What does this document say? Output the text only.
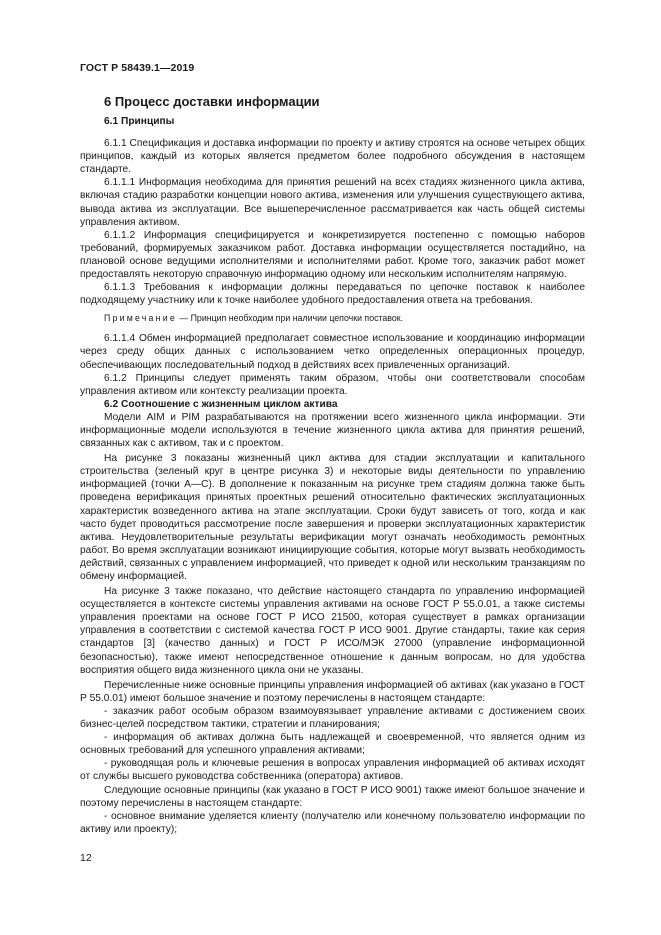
ГОСТ Р 58439.1—2019
6 Процесс доставки информации
6.1 Принципы

6.1.1 Спецификация и доставка информации по проекту и активу строятся на основе четырех общих принципов, каждый из которых является предметом более подробного обсуждения в настоящем стандарте.

6.1.1.1 Информация необходима для принятия решений на всех стадиях жизненного цикла актива, включая стадию разработки концепции нового актива, изменения или улучшения существующего актива, вывода актива из эксплуатации. Все вышеперечисленное рассматривается как часть общей системы управления активом.

6.1.1.2 Информация специфицируется и конкретизируется постепенно с помощью наборов требований, формируемых заказчиком работ. Доставка информации осуществляется постадийно, на плановой основе ведущими исполнителями и исполнителями работ. Кроме того, заказчик работ может предоставлять некоторую справочную информацию одному или нескольким исполнителям напрямую.

6.1.1.3 Требования к информации должны передаваться по цепочке поставок к наиболее подходящему участнику или к точке наиболее удобного предоставления ответа на требования.

Примечание — Принцип необходим при наличии цепочки поставок.

6.1.1.4 Обмен информацией предполагает совместное использование и координацию информации через среду общих данных с использованием четко определенных операционных процедур, обеспечивающих последовательный подход в действиях всех привлеченных организаций.

6.1.2 Принципы следует применять таким образом, чтобы они соответствовали способам управления активом или контексту реализации проекта.

6.2 Соотношение с жизненным циклом актива

Модели AIM и PIM разрабатываются на протяжении всего жизненного цикла информации. Эти информационные модели используются в течение жизненного цикла актива для принятия решений, связанных как с активом, так и с проектом.

На рисунке 3 показаны жизненный цикл актива для стадии эксплуатации и капитального строительства (зеленый круг в центре рисунка 3) и некоторые виды деятельности по управлению информацией (точки A—C). В дополнение к показанным на рисунке трем стадиям должна также быть проведена верификация принятых проектных решений относительно фактических эксплуатационных характеристик возведенного актива на этапе эксплуатации. Сроки будут зависеть от того, когда и как часто будет проводиться рассмотрение после завершения и проверки эксплуатационных характеристик актива. Неудовлетворительные результаты верификации могут означать необходимость ремонтных работ. Во время эксплуатации возникают инициирующие события, которые могут вызвать необходимость действий, связанных с управлением информацией, что приведет к одной или нескольким транзакциям по обмену информацией.

На рисунке 3 также показано, что действие настоящего стандарта по управлению информацией осуществляется в контексте системы управления активами на основе ГОСТ Р 55.0.01, а также системы управления проектами на основе ГОСТ Р ИСО 21500, которая существует в рамках организации управления в соответствии с системой качества ГОСТ Р ИСО 9001. Другие стандарты, такие как серия стандартов [3] (качество данных) и ГОСТ Р ИСО/МЭК 27000 (управление информационной безопасностью), также имеют непосредственное отношение к данным вопросам, но для удобства восприятия общего вида жизненного цикла они не указаны.

Перечисленные ниже основные принципы управления информацией об активах (как указано в ГОСТ Р 55.0.01) имеют большое значение и поэтому перечислены в настоящем стандарте:

- заказчик работ особым образом взаимоувязывает управление активами с достижением своих бизнес-целей посредством тактики, стратегии и планирования;

- информация об активах должна быть надлежащей и своевременной, что является одним из основных требований для успешного управления активами;

- руководящая роль и ключевые решения в вопросах управления информацией об активах исходят от службы высшего руководства собственника (оператора) активов.

Следующие основные принципы (как указано в ГОСТ Р ИСО 9001) также имеют большое значение и поэтому перечислены в настоящем стандарте:

- основное внимание уделяется клиенту (получателю или конечному пользователю информации по активу или проекту);

12
